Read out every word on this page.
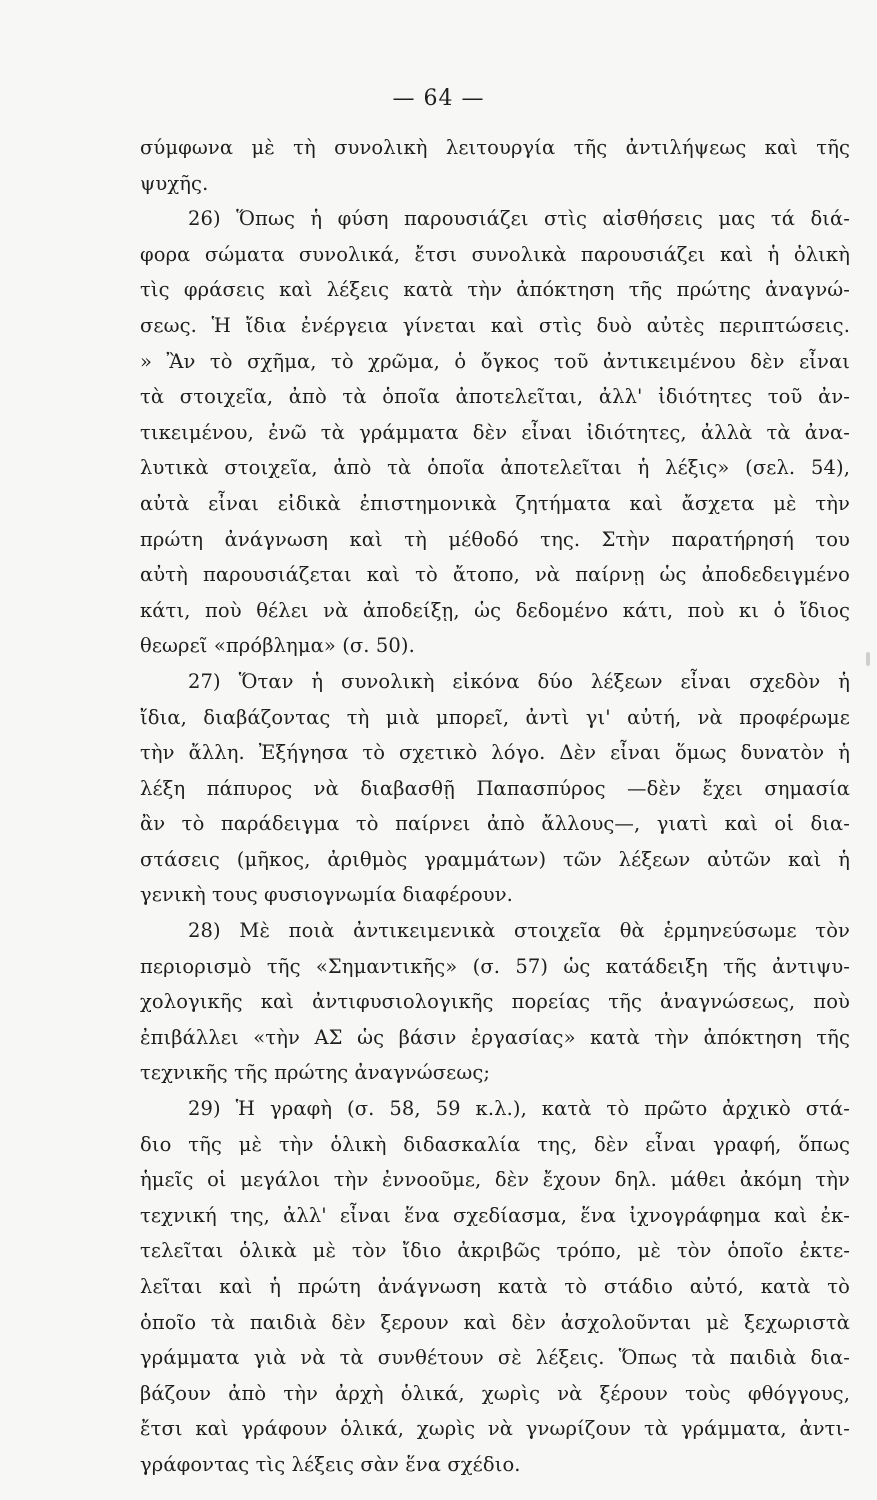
— 64 —
σύμφωνα μὲ τὴ συνολικὴ λειτουργία τῆς ἀντιλήψεως καὶ τῆς
ψυχῆς.
26) Ὅπως ἡ φύση παρουσιάζει στὶς αἰσθήσεις μας τά διά-
φορα σώματα συνολικά, ἔτσι συνολικὰ παρουσιάζει καὶ ἡ ὁλικὴ
τὶς φράσεις καὶ λέξεις κατὰ τὴν ἀπόκτηση τῆς πρώτης ἀναγνώ-
σεως. Ἡ ἴδια ἐνέργεια γίνεται καὶ στὶς δυὸ αὐτὲς περιπτώσεις.
» Ἂν τὸ σχῆμα, τὸ χρῶμα, ὁ ὄγκος τοῦ ἀντικειμένου δὲν εἶναι
τὰ στοιχεῖα, ἀπὸ τὰ ὁποῖα ἀποτελεῖται, ἀλλ' ἰδιότητες τοῦ ἀν-
τικειμένου, ἐνῶ τὰ γράμματα δὲν εἶναι ἰδιότητες, ἀλλὰ τὰ ἀνα-
λυτικὰ στοιχεῖα, ἀπὸ τὰ ὁποῖα ἀποτελεῖται ἡ λέξις» (σελ. 54),
αὐτὰ εἶναι εἰδικὰ ἐπιστημονικὰ ζητήματα καὶ ἄσχετα μὲ τὴν
πρώτη ἀνάγνωση καὶ τὴ μέθοδό της. Στὴν παρατήρησή του
αὐτὴ παρουσιάζεται καὶ τὸ ἄτοπο, νὰ παίρνῃ ὡς ἀποδεδειγμένο
κάτι, ποὺ θέλει νὰ ἀποδείξῃ, ὡς δεδομένο κάτι, ποὺ κι ὁ ἴδιος
θεωρεῖ «πρόβλημα» (σ. 50).
27) Ὅταν ἡ συνολικὴ εἰκόνα δύο λέξεων εἶναι σχεδὸν ἡ
ἴδια, διαβάζοντας τὴ μιὰ μπορεῖ, ἀντὶ γι' αὐτή, νὰ προφέρωμε
τὴν ἄλλη. Ἐξήγησα τὸ σχετικὸ λόγο. Δὲν εἶναι ὅμως δυνατὸν ἡ
λέξη πάπυρος νὰ διαβασθῇ Παπασπύρος —δὲν ἔχει σημασία
ἂν τὸ παράδειγμα τὸ παίρνει ἀπὸ ἄλλους—, γιατὶ καὶ οἱ δια-
στάσεις (μῆκος, ἀριθμὸς γραμμάτων) τῶν λέξεων αὐτῶν καὶ ἡ
γενικὴ τους φυσιογνωμία διαφέρουν.
28) Μὲ ποιὰ ἀντικειμενικὰ στοιχεῖα θὰ ἑρμηνεύσωμε τὸν
περιορισμὸ τῆς «Σημαντικῆς» (σ. 57) ὡς κατάδειξη τῆς ἀντιψυ-
χολογικῆς καὶ ἀντιφυσιολογικῆς πορείας τῆς ἀναγνώσεως, ποὺ
ἐπιβάλλει «τὴν ΑΣ ὡς βάσιν ἐργασίας» κατὰ τὴν ἀπόκτηση τῆς
τεχνικῆς τῆς πρώτης ἀναγνώσεως;
29) Ἡ γραφὴ (σ. 58, 59 κ.λ.), κατὰ τὸ πρῶτο ἀρχικὸ στά-
διο τῆς μὲ τὴν ὁλικὴ διδασκαλία της, δὲν εἶναι γραφή, ὅπως
ἡμεῖς οἱ μεγάλοι τὴν ἐννοοῦμε, δὲν ἔχουν δηλ. μάθει ἀκόμη τὴν
τεχνική της, ἀλλ' εἶναι ἕνα σχεδίασμα, ἕνα ἰχνογράφημα καὶ ἐκ-
τελεῖται ὁλικὰ μὲ τὸν ἴδιο ἀκριβῶς τρόπο, μὲ τὸν ὁποῖο ἐκτε-
λεῖται καὶ ἡ πρώτη ἀνάγνωση κατὰ τὸ στάδιο αὐτό, κατὰ τὸ
ὁποῖο τὰ παιδιὰ δὲν ξερουν καὶ δὲν ἀσχολοῦνται μὲ ξεχωριστὰ
γράμματα γιὰ νὰ τὰ συνθέτουν σὲ λέξεις. Ὅπως τὰ παιδιὰ δια-
βάζουν ἀπὸ τὴν ἀρχὴ ὁλικά, χωρὶς νὰ ξέρουν τοὺς φθόγγους,
ἔτσι καὶ γράφουν ὁλικά, χωρὶς νὰ γνωρίζουν τὰ γράμματα, ἀντι-
γράφοντας τὶς λέξεις σὰν ἕνα σχέδιο.
